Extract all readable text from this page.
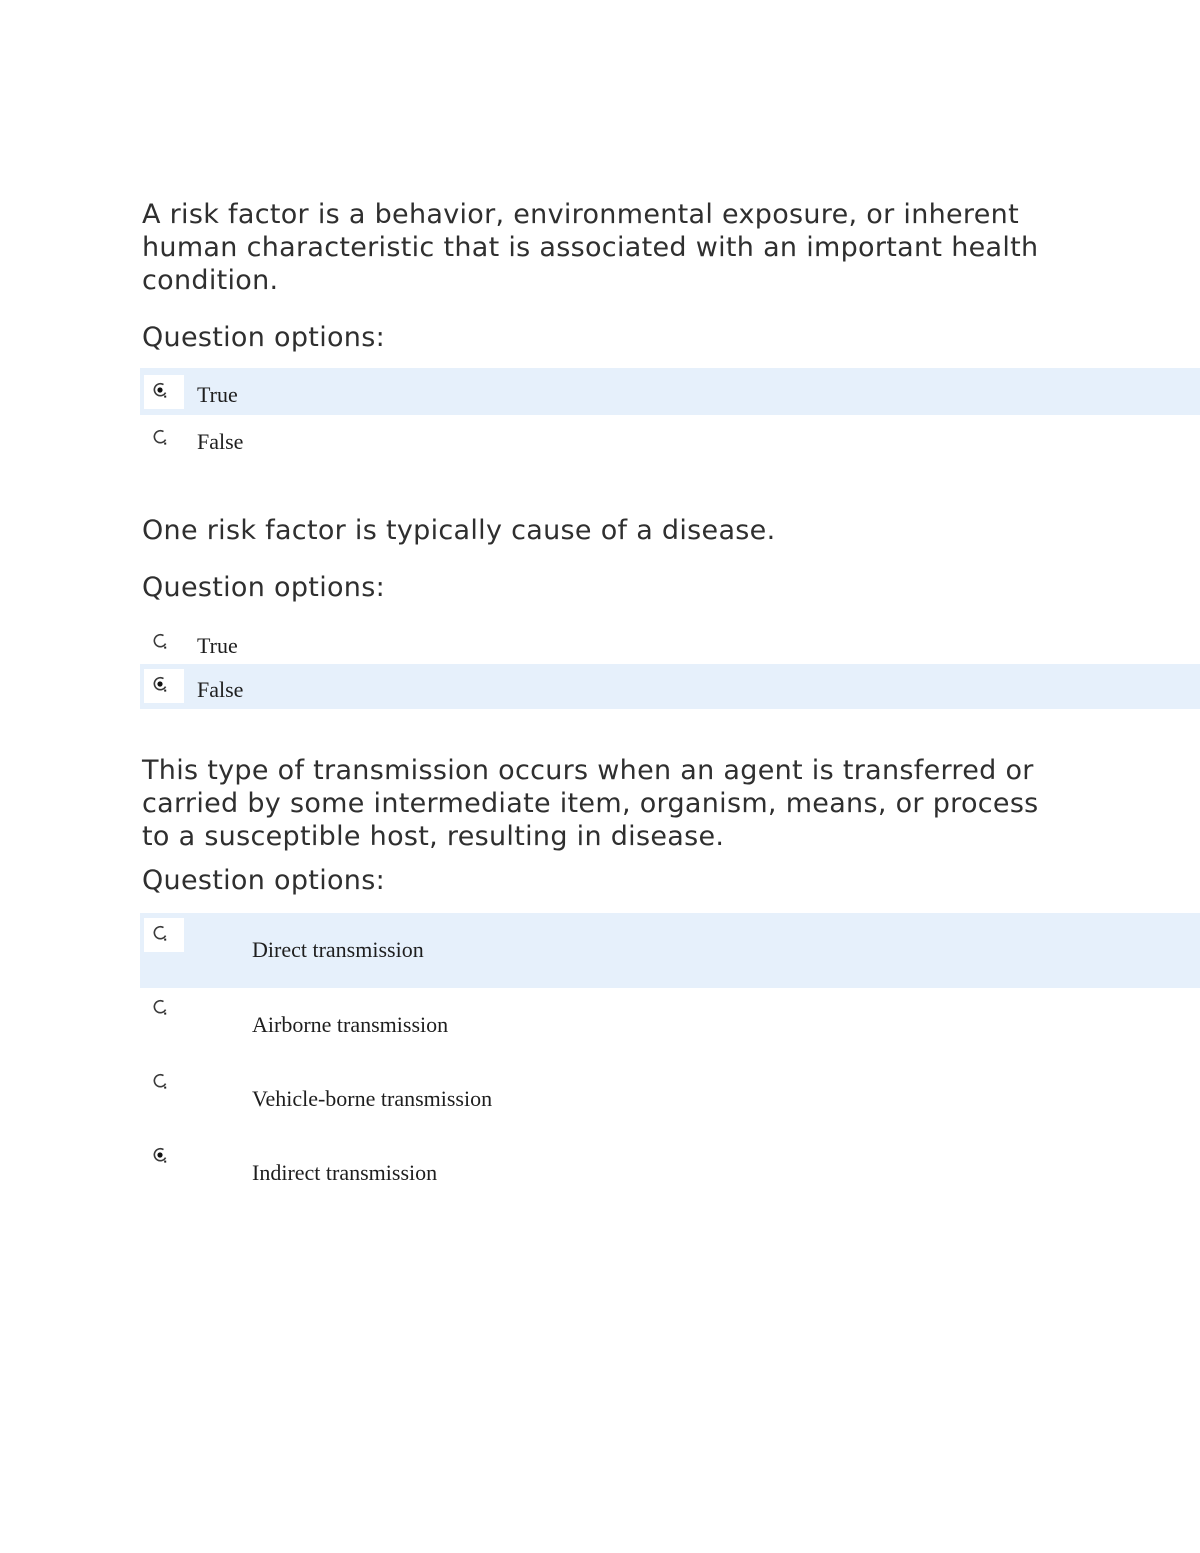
A risk factor is a behavior, environmental exposure, or inherent human characteristic that is associated with an important health condition.

Question options:

True
False

One risk factor is typically cause of a disease.

Question options:

True
False

This type of transmission occurs when an agent is transferred or carried by some intermediate item, organism, means, or process to a susceptible host, resulting in disease.

Question options:

Direct transmission
Airborne transmission
Vehicle-borne transmission
Indirect transmission
